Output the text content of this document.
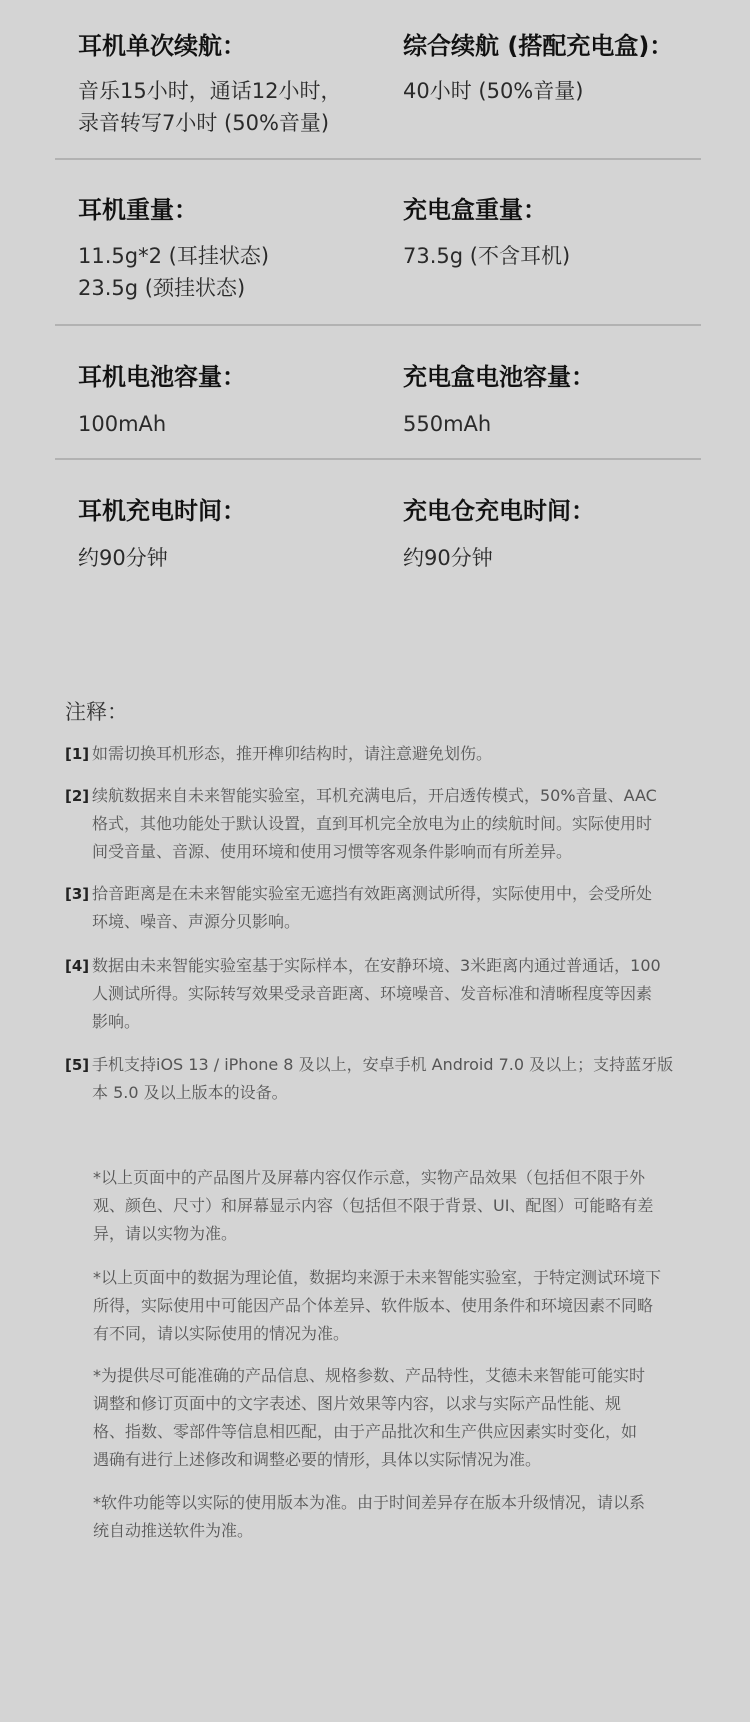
耳机单次续航：

音乐15小时，通话12小时，
录音转写7小时 (50%音量)

综合续航 (搭配充电盒)：

40小时 (50%音量)

耳机重量：

11.5g*2 (耳挂状态)
23.5g (颈挂状态)

充电盒重量：

73.5g (不含耳机)

耳机电池容量：

100mAh

充电盒电池容量：

550mAh

耳机充电时间：

约90分钟

充电仓充电时间：

约90分钟

注释：

[1] 如需切换耳机形态，推开榫卯结构时，请注意避免划伤。
[2] 续航数据来自未来智能实验室，耳机充满电后，开启透传模式，50%音量、AAC
格式，其他功能处于默认设置，直到耳机完全放电为止的续航时间。实际使用时
间受音量、音源、使用环境和使用习惯等客观条件影响而有所差异。
[3] 拾音距离是在未来智能实验室无遮挡有效距离测试所得，实际使用中，会受所处
环境、噪音、声源分贝影响。
[4] 数据由未来智能实验室基于实际样本，在安静环境、3米距离内通过普通话，100
人测试所得。实际转写效果受录音距离、环境噪音、发音标准和清晰程度等因素
影响。
[5] 手机支持iOS 13 / iPhone 8 及以上，安卓手机 Android 7.0 及以上；支持蓝牙版
本 5.0 及以上版本的设备。

*以上页面中的产品图片及屏幕内容仅作示意，实物产品效果（包括但不限于外
观、颜色、尺寸）和屏幕显示内容（包括但不限于背景、UI、配图）可能略有差
异，请以实物为准。

*以上页面中的数据为理论值，数据均来源于未来智能实验室，于特定测试环境下
所得，实际使用中可能因产品个体差异、软件版本、使用条件和环境因素不同略
有不同，请以实际使用的情况为准。

*为提供尽可能准确的产品信息、规格参数、产品特性，艾德未来智能可能实时
调整和修订页面中的文字表述、图片效果等内容，以求与实际产品性能、规
格、指数、零部件等信息相匹配，由于产品批次和生产供应因素实时变化，如
遇确有进行上述修改和调整必要的情形，具体以实际情况为准。

*软件功能等以实际的使用版本为准。由于时间差异存在版本升级情况，请以系
统自动推送软件为准。
